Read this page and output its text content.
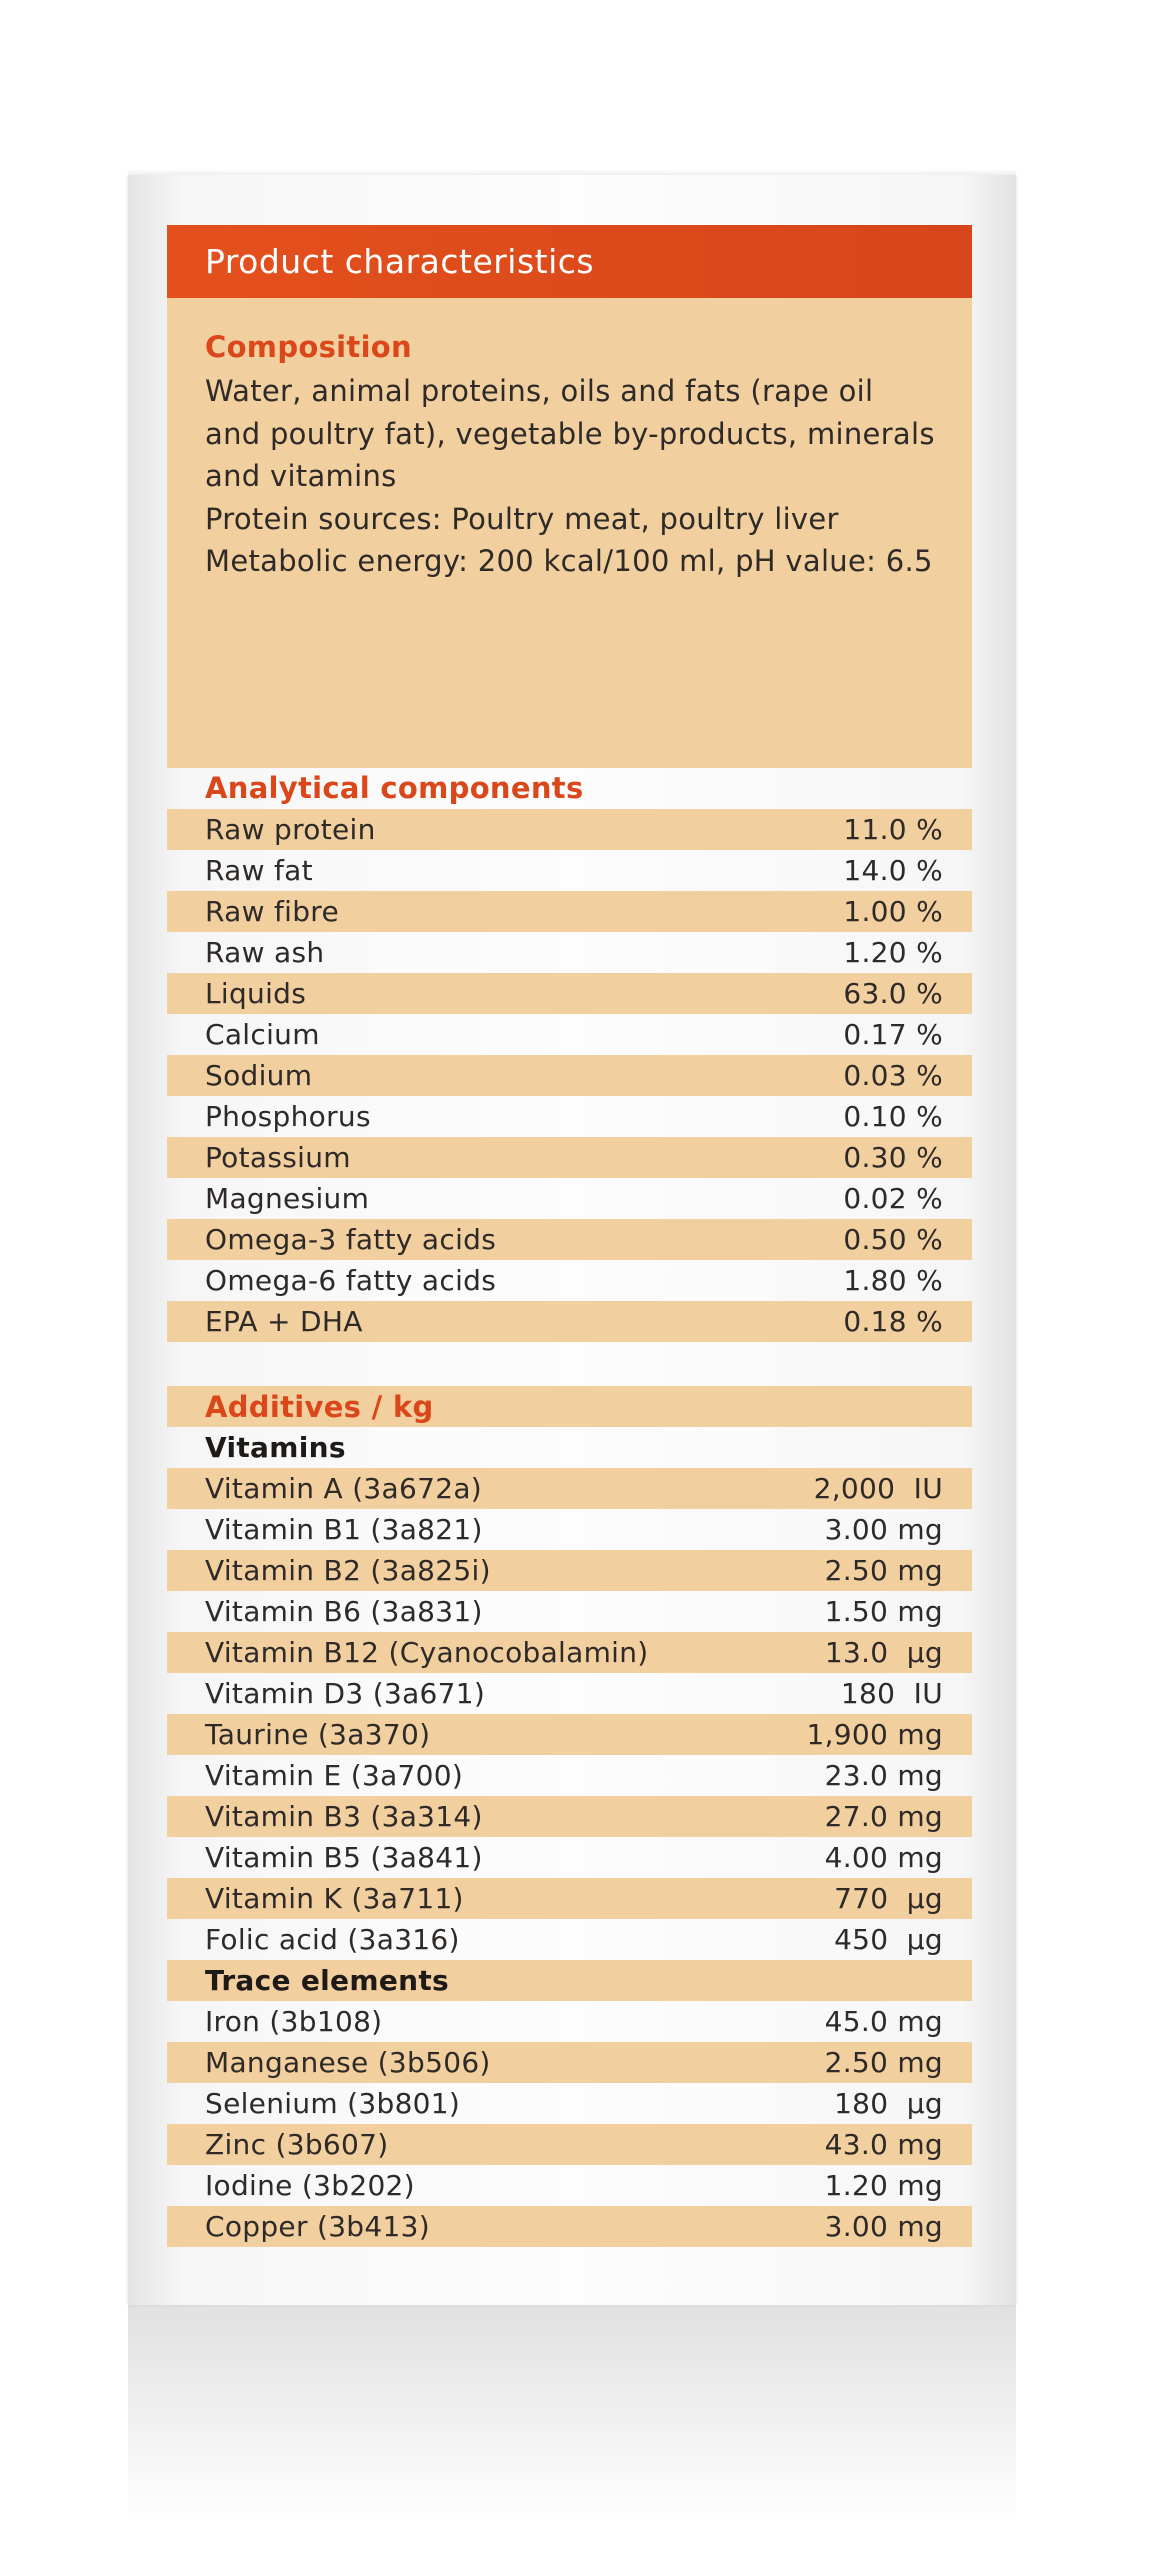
Product characteristics
Composition
Water, animal proteins, oils and fats (rape oil
and poultry fat), vegetable by-products, minerals
and vitamins
Protein sources: Poultry meat, poultry liver
Metabolic energy: 200 kcal/100 ml, pH value: 6.5
Analytical components
Raw protein	11.0 %
Raw fat	14.0 %
Raw fibre	1.00 %
Raw ash	1.20 %
Liquids	63.0 %
Calcium	0.17 %
Sodium	0.03 %
Phosphorus	0.10 %
Potassium	0.30 %
Magnesium	0.02 %
Omega-3 fatty acids	0.50 %
Omega-6 fatty acids	1.80 %
EPA + DHA	0.18 %
Additives / kg
Vitamins
Vitamin A (3a672a)	2,000  IU
Vitamin B1 (3a821)	3.00 mg
Vitamin B2 (3a825i)	2.50 mg
Vitamin B6 (3a831)	1.50 mg
Vitamin B12 (Cyanocobalamin)	13.0  µg
Vitamin D3 (3a671)	180  IU
Taurine (3a370)	1,900 mg
Vitamin E (3a700)	23.0 mg
Vitamin B3 (3a314)	27.0 mg
Vitamin B5 (3a841)	4.00 mg
Vitamin K (3a711)	770  µg
Folic acid (3a316)	450  µg
Trace elements
Iron (3b108)	45.0 mg
Manganese (3b506)	2.50 mg
Selenium (3b801)	180  µg
Zinc (3b607)	43.0 mg
Iodine (3b202)	1.20 mg
Copper (3b413)	3.00 mg
